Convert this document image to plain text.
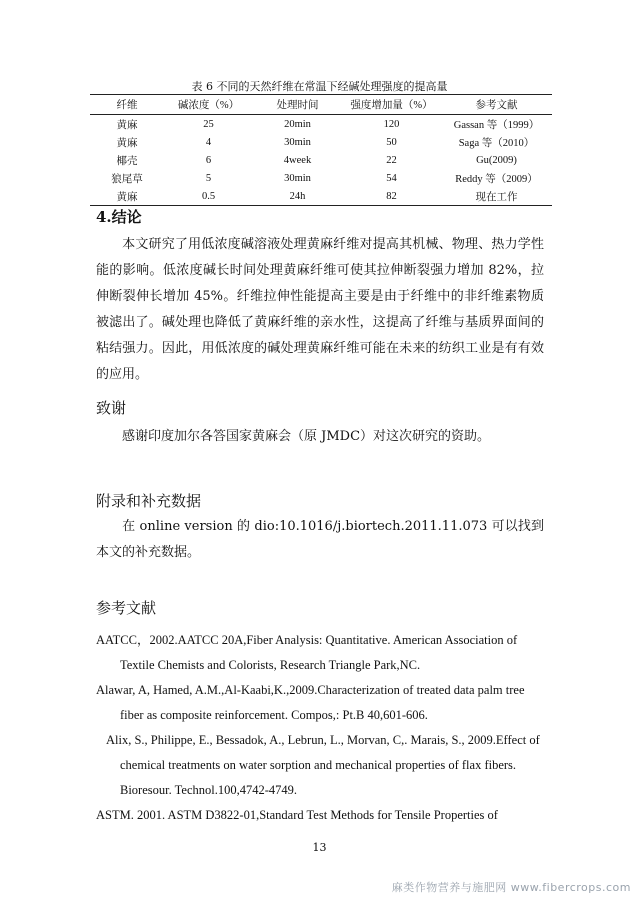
表 6 不同的天然纤维在常温下经碱处理强度的提高量
纤维	碱浓度（%）	处理时间	强度增加量（%）	参考文献
黄麻	25	20min	120	Gassan 等（1999）
黄麻	4	30min	50	Saga 等（2010）
椰壳	6	4week	22	Gu(2009)
狼尾草	5	30min	54	Reddy 等（2009）
黄麻	0.5	24h	82	现在工作
4.结论

本文研究了用低浓度碱溶液处理黄麻纤维对提高其机械、物理、热力学性能的影响。低浓度碱长时间处理黄麻纤维可使其拉伸断裂强力增加 82%，拉伸断裂伸长增加 45%。纤维拉伸性能提高主要是由于纤维中的非纤维素物质被滤出了。碱处理也降低了黄麻纤维的亲水性，这提高了纤维与基质界面间的粘结强力。因此，用低浓度的碱处理黄麻纤维可能在未来的纺织工业是有有效的应用。

致谢

感谢印度加尔各答国家黄麻会（原 JMDC）对这次研究的资助。

附录和补充数据

在 online version 的 dio:10.1016/j.biortech.2011.11.073 可以找到本文的补充数据。

参考文献

AATCC，2002.AATCC 20A,Fiber Analysis: Quantitative. American Association of Textile Chemists and Colorists, Research Triangle Park,NC.

Alawar, A, Hamed, A.M.,Al-Kaabi,K.,2009.Characterization of treated data palm tree fiber as composite reinforcement. Compos,: Pt.B 40,601-606.

Alix, S., Philippe, E., Bessadok, A., Lebrun, L., Morvan, C,. Marais, S., 2009.Effect of chemical treatments on water sorption and mechanical properties of flax fibers. Bioresour. Technol.100,4742-4749.

ASTM. 2001. ASTM D3822-01,Standard Test Methods for Tensile Properties of

13
麻类作物营养与施肥网 www.fibercrops.com
